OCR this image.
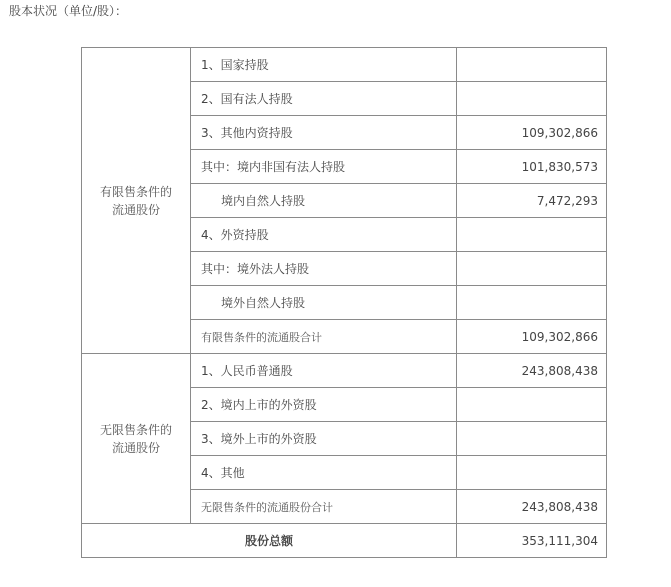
股本状况（单位/股）：
有限售条件的
流通股份	1、国家持股	
	2、国有法人持股	
	3、其他内资持股	109,302,866
	其中：境内非国有法人持股	101,830,573
	境内自然人持股	7,472,293
	4、外资持股	
	其中：境外法人持股	
	境外自然人持股	
	有限售条件的流通股合计	109,302,866

无限售条件的
流通股份	1、人民币普通股	243,808,438
	2、境内上市的外资股	
	3、境外上市的外资股	
	4、其他	
	无限售条件的流通股份合计	243,808,438
股份总额		353,111,304
